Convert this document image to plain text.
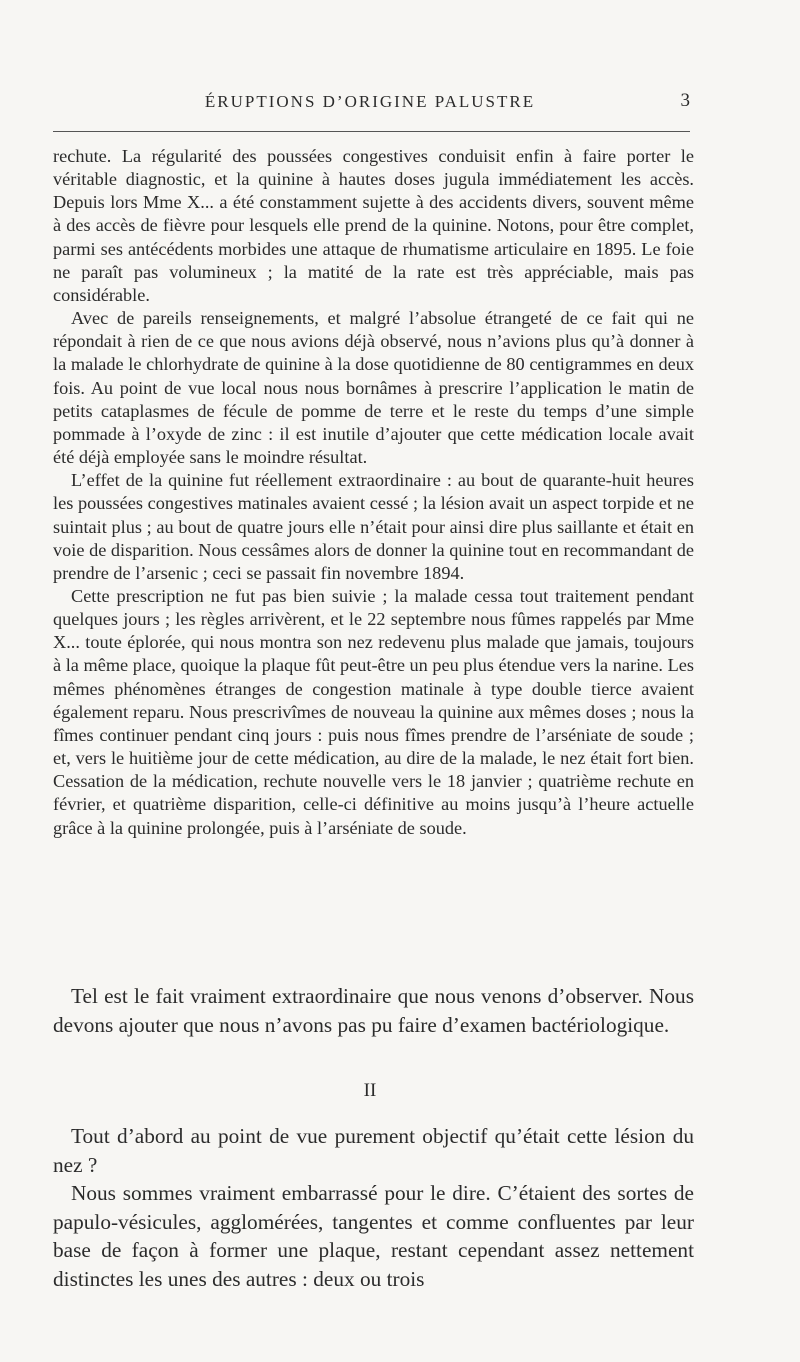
ÉRUPTIONS D’ORIGINE PALUSTRE	3

rechute. La régularité des poussées congestives conduisit enfin à faire porter le véritable diagnostic, et la quinine à hautes doses jugula immédiatement les accès. Depuis lors Mme X... a été constamment sujette à des accidents divers, souvent même à des accès de fièvre pour lesquels elle prend de la quinine. Notons, pour être complet, parmi ses antécédents morbides une attaque de rhumatisme articulaire en 1895. Le foie ne paraît pas volumineux ; la matité de la rate est très appréciable, mais pas considérable.

Avec de pareils renseignements, et malgré l’absolue étrangeté de ce fait qui ne répondait à rien de ce que nous avions déjà observé, nous n’avions plus qu’à donner à la malade le chlorhydrate de quinine à la dose quotidienne de 80 centigrammes en deux fois. Au point de vue local nous nous bornâmes à prescrire l’application le matin de petits cataplasmes de fécule de pomme de terre et le reste du temps d’une simple pommade à l’oxyde de zinc : il est inutile d’ajouter que cette médication locale avait été déjà employée sans le moindre résultat.

L’effet de la quinine fut réellement extraordinaire : au bout de quarante-huit heures les poussées congestives matinales avaient cessé ; la lésion avait un aspect torpide et ne suintait plus ; au bout de quatre jours elle n’était pour ainsi dire plus saillante et était en voie de disparition. Nous cessâmes alors de donner la quinine tout en recommandant de prendre de l’arsenic ; ceci se passait fin novembre 1894.

Cette prescription ne fut pas bien suivie ; la malade cessa tout traitement pendant quelques jours ; les règles arrivèrent, et le 22 septembre nous fûmes rappelés par Mme X... toute éplorée, qui nous montra son nez redevenu plus malade que jamais, toujours à la même place, quoique la plaque fût peut-être un peu plus étendue vers la narine. Les mêmes phénomènes étranges de congestion matinale à type double tierce avaient également reparu. Nous prescrivîmes de nouveau la quinine aux mêmes doses ; nous la fîmes continuer pendant cinq jours : puis nous fîmes prendre de l’arséniate de soude ; et, vers le huitième jour de cette médication, au dire de la malade, le nez était fort bien. Cessation de la médication, rechute nouvelle vers le 18 janvier ; quatrième rechute en février, et quatrième disparition, celle-ci définitive au moins jusqu’à l’heure actuelle grâce à la quinine prolongée, puis à l’arséniate de soude.

Tel est le fait vraiment extraordinaire que nous venons d’observer. Nous devons ajouter que nous n’avons pas pu faire d’examen bactériologique.

II

Tout d’abord au point de vue purement objectif qu’était cette lésion du nez ?

Nous sommes vraiment embarrassé pour le dire. C’étaient des sortes de papulo-vésicules, agglomérées, tangentes et comme confluentes par leur base de façon à former une plaque, restant cependant assez nettement distinctes les unes des autres : deux ou trois
